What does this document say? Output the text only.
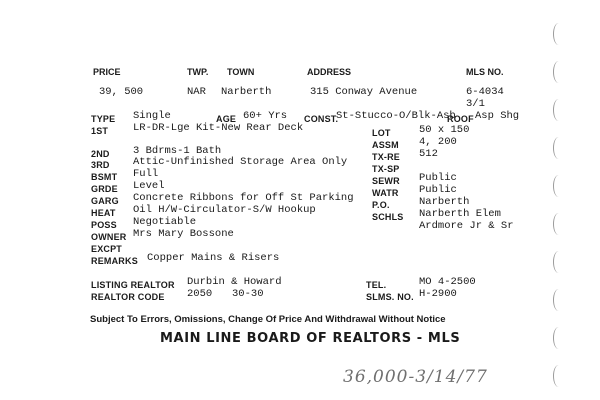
PRICE	TWP. TOWN	ADDRESS	MLS NO.
39, 500	NAR Narberth	315 Conway Avenue	6-4034
3/1
TYPE Single	AGE 60+ Yrs CONST.
St-Stucco-O/Blk-Asb
ROOF Asp Shg
1ST LR-DR-Lge Kit-New Rear Deck
2ND 3 Bdrms-1 Bath
3RD Attic-Unfinished Storage Area Only
BSMT Full
GRDE Level
GARG Concrete Ribbons for Off St Parking
HEAT Oil H/W-Circulator-S/W Hookup
POSS Negotiable
OWNER Mrs Mary Bossone
EXCPT
REMARKS Copper Mains & Risers
LOT	50 x 150
ASSM 4, 200
TX-RE 512
TX-SP
SEWR Public
WATR Public
P.O.	Narberth
SCHLS Narberth Elem
Ardmore Jr & Sr
LISTING REALTOR Durbin & Howard	TEL.	MO 4-2500
REALTOR CODE 2050 30-30	SLMS. NO. H-2900
Subject To Errors, Omissions, Change Of Price And Withdrawal Without Notice
MAIN LINE BOARD OF REALTORS - MLS
36,000-3/14/77
